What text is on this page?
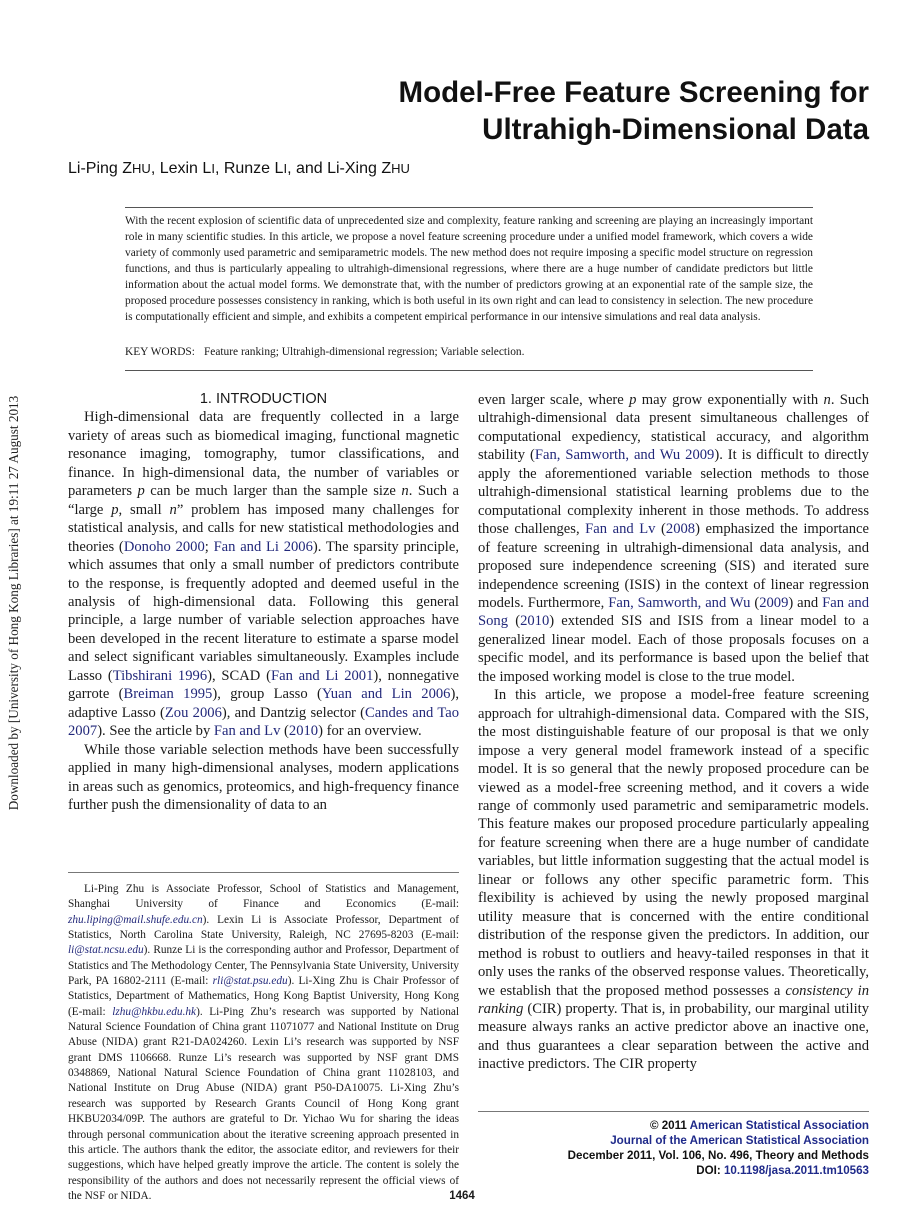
Downloaded by [University of Hong Kong Libraries] at 19:11 27 August 2013
Model-Free Feature Screening for
Ultrahigh-Dimensional Data
Li-Ping ZHU, Lexin LI, Runze LI, and Li-Xing ZHU
With the recent explosion of scientific data of unprecedented size and complexity, feature ranking and screening are playing an increasingly important role in many scientific studies. In this article, we propose a novel feature screening procedure under a unified model framework, which covers a wide variety of commonly used parametric and semiparametric models. The new method does not require imposing a specific model structure on regression functions, and thus is particularly appealing to ultrahigh-dimensional regressions, where there are a huge number of candidate predictors but little information about the actual model forms. We demonstrate that, with the number of predictors growing at an exponential rate of the sample size, the proposed procedure possesses consistency in ranking, which is both useful in its own right and can lead to consistency in selection. The new procedure is computationally efficient and simple, and exhibits a competent empirical performance in our intensive simulations and real data analysis.
KEY WORDS: Feature ranking; Ultrahigh-dimensional regression; Variable selection.

1. INTRODUCTION

High-dimensional data are frequently collected in a large variety of areas such as biomedical imaging, functional magnetic resonance imaging, tomography, tumor classifications, and finance. In high-dimensional data, the number of variables or parameters p can be much larger than the sample size n. Such a “large p, small n” problem has imposed many challenges for statistical analysis, and calls for new statistical methodologies and theories (Donoho 2000; Fan and Li 2006). The sparsity principle, which assumes that only a small number of predictors contribute to the response, is frequently adopted and deemed useful in the analysis of high-dimensional data. Following this general principle, a large number of variable selection approaches have been developed in the recent literature to estimate a sparse model and select significant variables simultaneously. Examples include Lasso (Tibshirani 1996), SCAD (Fan and Li 2001), nonnegative garrote (Breiman 1995), group Lasso (Yuan and Lin 2006), adaptive Lasso (Zou 2006), and Dantzig selector (Candes and Tao 2007). See the article by Fan and Lv (2010) for an overview.

While those variable selection methods have been successfully applied in many high-dimensional analyses, modern applications in areas such as genomics, proteomics, and high-frequency finance further push the dimensionality of data to an

even larger scale, where p may grow exponentially with n. Such ultrahigh-dimensional data present simultaneous challenges of computational expediency, statistical accuracy, and algorithm stability (Fan, Samworth, and Wu 2009). It is difficult to directly apply the aforementioned variable selection methods to those ultrahigh-dimensional statistical learning problems due to the computational complexity inherent in those methods. To address those challenges, Fan and Lv (2008) emphasized the importance of feature screening in ultrahigh-dimensional data analysis, and proposed sure independence screening (SIS) and iterated sure independence screening (ISIS) in the context of linear regression models. Furthermore, Fan, Samworth, and Wu (2009) and Fan and Song (2010) extended SIS and ISIS from a linear model to a generalized linear model. Each of those proposals focuses on a specific model, and its performance is based upon the belief that the imposed working model is close to the true model.

In this article, we propose a model-free feature screening approach for ultrahigh-dimensional data. Compared with the SIS, the most distinguishable feature of our proposal is that we only impose a very general model framework instead of a specific model. It is so general that the newly proposed procedure can be viewed as a model-free screening method, and it covers a wide range of commonly used parametric and semiparametric models. This feature makes our proposed procedure particularly appealing for feature screening when there are a huge number of candidate variables, but little information suggesting that the actual model is linear or follows any other specific parametric form. This flexibility is achieved by using the newly proposed marginal utility measure that is concerned with the entire conditional distribution of the response given the predictors. In addition, our method is robust to outliers and heavy-tailed responses in that it only uses the ranks of the observed response values. Theoretically, we establish that the proposed method possesses a consistency in ranking (CIR) property. That is, in probability, our marginal utility measure always ranks an active predictor above an inactive one, and thus guarantees a clear separation between the active and inactive predictors. The CIR property

Li-Ping Zhu is Associate Professor, School of Statistics and Management, Shanghai University of Finance and Economics (E-mail: zhu.liping@mail.shufe.edu.cn). Lexin Li is Associate Professor, Department of Statistics, North Carolina State University, Raleigh, NC 27695-8203 (E-mail: li@stat.ncsu.edu). Runze Li is the corresponding author and Professor, Department of Statistics and The Methodology Center, The Pennsylvania State University, University Park, PA 16802-2111 (E-mail: rli@stat.psu.edu). Li-Xing Zhu is Chair Professor of Statistics, Department of Mathematics, Hong Kong Baptist University, Hong Kong (E-mail: lzhu@hkbu.edu.hk). Li-Ping Zhu’s research was supported by National Natural Science Foundation of China grant 11071077 and National Institute on Drug Abuse (NIDA) grant R21-DA024260. Lexin Li’s research was supported by NSF grant DMS 1106668. Runze Li’s research was supported by NSF grant DMS 0348869, National Natural Science Foundation of China grant 11028103, and National Institute on Drug Abuse (NIDA) grant P50-DA10075. Li-Xing Zhu’s research was supported by Research Grants Council of Hong Kong grant HKBU2034/09P. The authors are grateful to Dr. Yichao Wu for sharing the ideas through personal communication about the iterative screening approach presented in this article. The authors thank the editor, the associate editor, and reviewers for their suggestions, which have helped greatly improve the article. The content is solely the responsibility of the authors and does not necessarily represent the official views of the NSF or NIDA.

© 2011 American Statistical Association
Journal of the American Statistical Association
December 2011, Vol. 106, No. 496, Theory and Methods
DOI: 10.1198/jasa.2011.tm10563
1464
